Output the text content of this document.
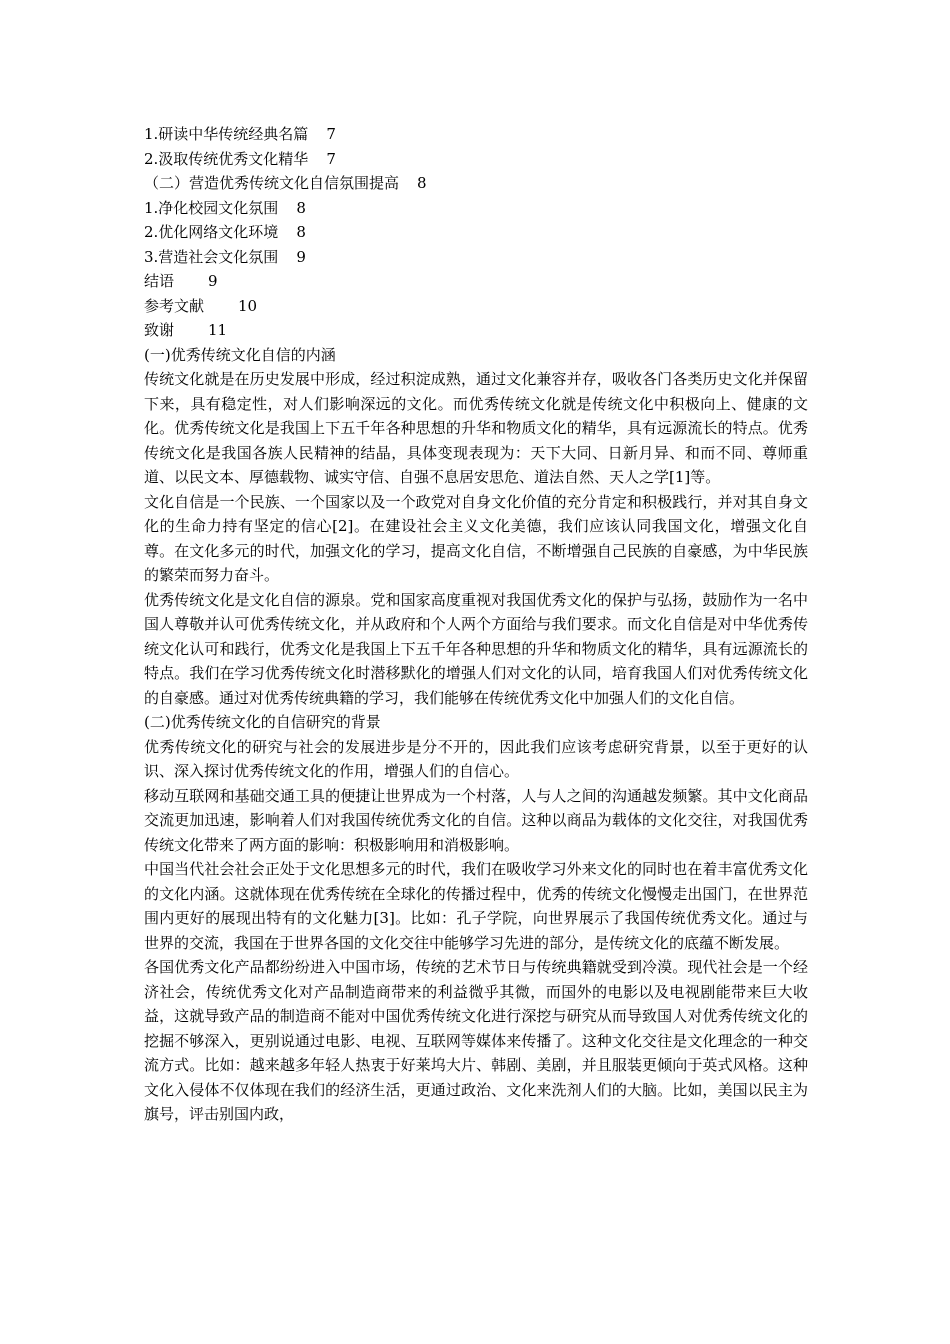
1.研读中华传统经典名篇 7
2.汲取传统优秀文化精华 7
（二）营造优秀传统文化自信氛围提高 8
1.净化校园文化氛围 8
2.优化网络文化环境 8
3.营造社会文化氛围 9
结语 9
参考文献 10
致谢 11
(一)优秀传统文化自信的内涵

传统文化就是在历史发展中形成，经过积淀成熟，通过文化兼容并存，吸收各门各类历史文化并保留下来，具有稳定性，对人们影响深远的文化。而优秀传统文化就是传统文化中积极向上、健康的文化。优秀传统文化是我国上下五千年各种思想的升华和物质文化的精华，具有远源流长的特点。优秀传统文化是我国各族人民精神的结晶，具体变现表现为：天下大同、日新月异、和而不同、尊师重道、以民文本、厚德载物、诚实守信、自强不息居安思危、道法自然、天人之学[1]等。

文化自信是一个民族、一个国家以及一个政党对自身文化价值的充分肯定和积极践行，并对其自身文化的生命力持有坚定的信心[2]。在建设社会主义文化美德，我们应该认同我国文化，增强文化自尊。在文化多元的时代，加强文化的学习，提高文化自信，不断增强自己民族的自豪感，为中华民族的繁荣而努力奋斗。

优秀传统文化是文化自信的源泉。党和国家高度重视对我国优秀文化的保护与弘扬，鼓励作为一名中国人尊敬并认可优秀传统文化，并从政府和个人两个方面给与我们要求。而文化自信是对中华优秀传统文化认可和践行，优秀文化是我国上下五千年各种思想的升华和物质文化的精华，具有远源流长的特点。我们在学习优秀传统文化时潜移默化的增强人们对文化的认同，培育我国人们对优秀传统文化的自豪感。通过对优秀传统典籍的学习，我们能够在传统优秀文化中加强人们的文化自信。

(二)优秀传统文化的自信研究的背景

优秀传统文化的研究与社会的发展进步是分不开的，因此我们应该考虑研究背景，以至于更好的认识、深入探讨优秀传统文化的作用，增强人们的自信心。

移动互联网和基础交通工具的便捷让世界成为一个村落，人与人之间的沟通越发频繁。其中文化商品交流更加迅速，影响着人们对我国传统优秀文化的自信。这种以商品为载体的文化交往，对我国优秀传统文化带来了两方面的影响：积极影响用和消极影响。

中国当代社会社会正处于文化思想多元的时代，我们在吸收学习外来文化的同时也在着丰富优秀文化的文化内涵。这就体现在优秀传统在全球化的传播过程中，优秀的传统文化慢慢走出国门，在世界范围内更好的展现出特有的文化魅力[3]。比如：孔子学院，向世界展示了我国传统优秀文化。通过与世界的交流，我国在于世界各国的文化交往中能够学习先进的部分，是传统文化的底蕴不断发展。

各国优秀文化产品都纷纷进入中国市场，传统的艺术节日与传统典籍就受到冷漠。现代社会是一个经济社会，传统优秀文化对产品制造商带来的利益微乎其微，而国外的电影以及电视剧能带来巨大收益，这就导致产品的制造商不能对中国优秀传统文化进行深挖与研究从而导致国人对优秀传统文化的挖掘不够深入，更别说通过电影、电视、互联网等媒体来传播了。这种文化交往是文化理念的一种交流方式。比如：越来越多年轻人热衷于好莱坞大片、韩剧、美剧，并且服装更倾向于英式风格。这种文化入侵体不仅体现在我们的经济生活，更通过政治、文化来洗剂人们的大脑。比如，美国以民主为旗号，评击别国内政，
